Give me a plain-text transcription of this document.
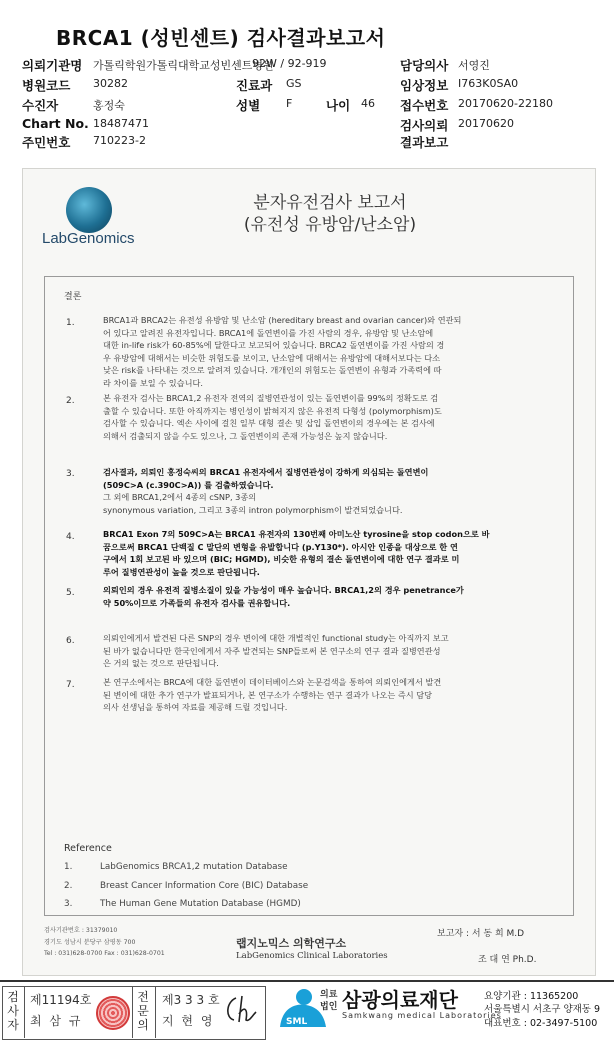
BRCA1 (성빈센트) 검사결과보고서
의뢰기관명 가톨릭학원가톨릭대학교성빈센트병원
92W / 92-919	담당의사 서영진
병원코드 30282	진료과 GS	임상정보 I763K0SA0
수진자	홍정숙	성별 F	나이 46 접수번호 20170620-22180
Chart No. 18487471	검사의뢰 20170620
주민번호 710223-2	결과보고
LabGenomics
분자유전검사 보고서
(유전성 유방암/난소암)
결론
1.	BRCA1과 BRCA2는 유전성 유방암 및 난소암 (hereditary breast and ovarian cancer)와 연관되
어 있다고 알려진 유전자입니다. BRCA1에 돌연변이를 가진 사람의 경우, 유방암 및 난소암에
대한 in-life risk가 60-85%에 달한다고 보고되어 있습니다. BRCA2 돌연변이를 가진 사람의 경
우 유방암에 대해서는 비슷한 위험도를 보이고, 난소암에 대해서는 유방암에 대해서보다는 다소
낮은 risk를 나타내는 것으로 알려져 있습니다. 개개인의 위험도는 돌연변이 유형과 가족력에 따
라 차이를 보일 수 있습니다.
2.	본 유전자 검사는 BRCA1,2 유전자 전역의 질병연관성이 있는 돌연변이를 99%의 정확도로 검
출할 수 있습니다. 또한 아직까지는 병인성이 밝혀지지 않은 유전적 다형성 (polymorphism)도
검사할 수 있습니다. 엑손 사이에 걸친 일부 대형 결손 및 삽입 돌연변이의 경우에는 본 검사에
의해서 검출되지 않을 수도 있으나, 그 돌연변이의 존재 가능성은 높지 않습니다.
3.	검사결과, 의뢰인 홍정숙씨의 BRCA1 유전자에서 질병연관성이 강하게 의심되는 돌연변이
(509C>A (c.390C>A)) 를 검출하였습니다.
그 외에 BRCA1,2에서 4종의 cSNP, 3종의
synonymous variation, 그리고 3종의 intron polymorphism이 발견되었습니다.
4.	BRCA1 Exon 7의 509C>A는 BRCA1 유전자의 130번째 아미노산 tyrosine을 stop codon으로 바
꿈으로써 BRCA1 단백질 C 말단의 변형을 유발합니다 (p.Y130*). 아시안 인종을 대상으로 한 연
구에서 1회 보고된 바 있으며 (BIC; HGMD), 비슷한 유형의 결손 돌연변이에 대한 연구 결과로 미
루어 질병연관성이 높을 것으로 판단됩니다.
5.	의뢰인의 경우 유전적 질병소질이 있을 가능성이 매우 높습니다. BRCA1,2의 경우 penetrance가
약 50%이므로 가족들의 유전자 검사를 권유합니다.
6.	의뢰인에게서 발견된 다른 SNP의 경우 변이에 대한 개별적인 functional study는 아직까지 보고
된 바가 없습니다만 한국인에게서 자주 발견되는 SNP들로써 본 연구소의 연구 결과 질병연관성
은 거의 없는 것으로 판단됩니다.
7.	본 연구소에서는 BRCA에 대한 돌연변이 데이터베이스와 논문검색을 통하여 의뢰인에게서 발견
된 변이에 대한 추가 연구가 발표되거나, 본 연구소가 수행하는 연구 결과가 나오는 즉시 담당
의사 선생님을 통하여 자료를 제공해 드릴 것입니다.
Reference
1.	LabGenomics BRCA1,2 mutation Database
2.	Breast Cancer Information Core (BIC) Database
3.	The Human Gene Mutation Database (HGMD)
검사기관번호 : 31379010
경기도 성남시 분당구 삼평동 700
Tel : 031)628-0700 Fax : 031)628-0701
랩지노믹스 의학연구소
LabGenomics Clinical Laboratories
보고자 : 서 동 희 M.D
조 대 연 Ph.D.
검
사
자
제11194호
최 삼 규
전
문
의
제3 3 3 호
지 현 영	SML
의료
법인 삼광의료재단
Samkwang medical Laboratories
요양기관 : 11365200
서울특별시 서초구 양재동 9
대표번호 : 02-3497-5100
